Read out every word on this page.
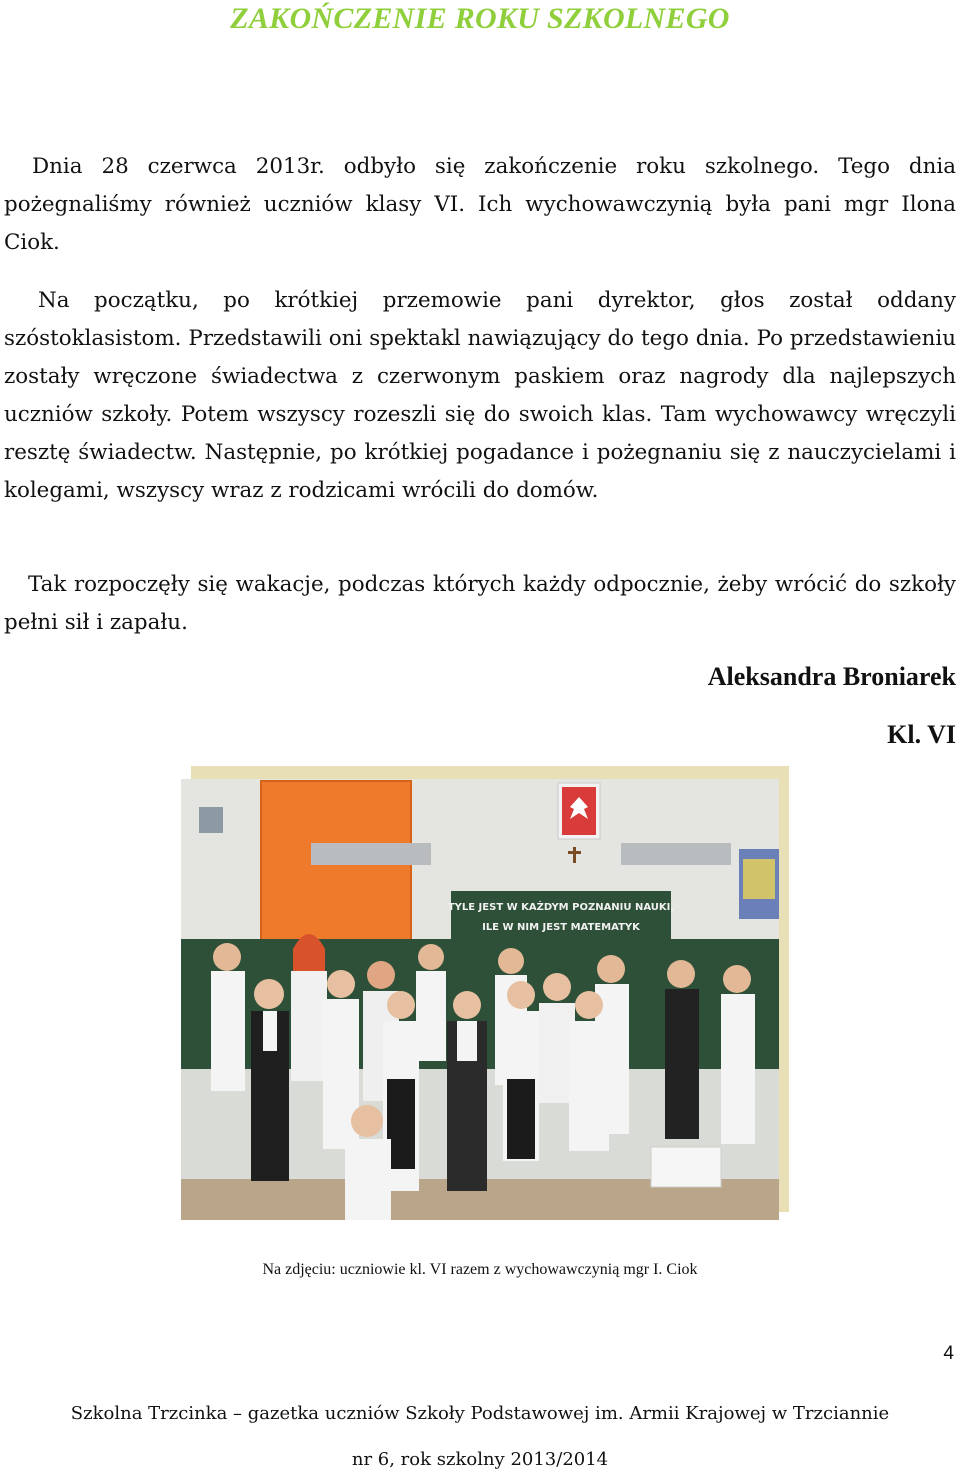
ZAKOŃCZENIE ROKU SZKOLNEGO

Dnia 28 czerwca 2013r. odbyło się zakończenie roku szkolnego. Tego dnia pożegnaliśmy również uczniów klasy VI. Ich wychowawczynią była pani mgr Ilona Ciok.

Na początku, po krótkiej przemowie pani dyrektor, głos został oddany szóstoklasistom. Przedstawili oni spektakl nawiązujący do tego dnia. Po przedstawieniu zostały wręczone świadectwa z czerwonym paskiem oraz nagrody dla najlepszych uczniów szkoły. Potem wszyscy rozeszli się do swoich klas. Tam wychowawcy wręczyli resztę świadectw. Następnie, po krótkiej pogadance i pożegnaniu się z nauczycielami i kolegami, wszyscy wraz z rodzicami wrócili do domów.

Tak rozpoczęły się wakacje, podczas których każdy odpocznie, żeby wrócić do szkoły pełni sił i zapału.

Aleksandra Broniarek
Kl. VI
TYLE JEST W KAŻDYM POZNANIU NAUKI,
ILE W NIM JEST MATEMATYK
Na zdjęciu: uczniowie kl. VI razem z wychowawczynią mgr I. Ciok
4
Szkolna Trzcinka – gazetka uczniów Szkoły Podstawowej im. Armii Krajowej w Trzciannie
nr 6, rok szkolny 2013/2014
